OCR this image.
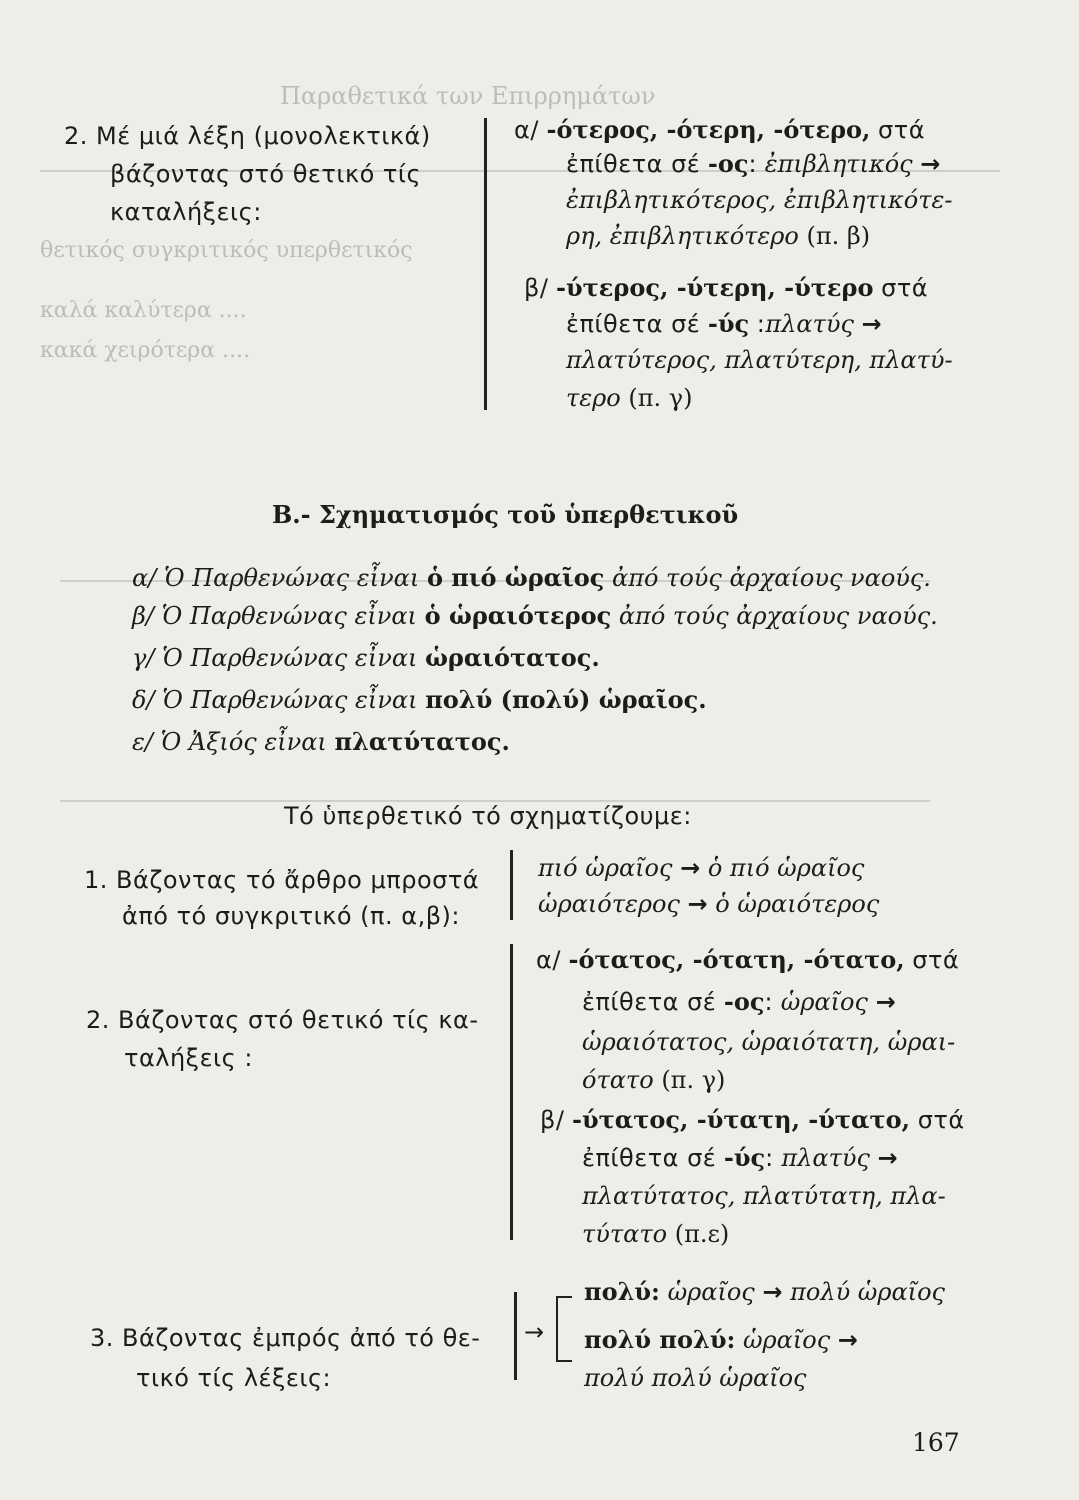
Παραθετικά των Επιρρημάτων
θετικός συγκριτικός υπερθετικός
καλά καλύτερα ....
κακά χειρότερα ....
2. Μέ μιά λέξη (μονολεκτικά)
βάζοντας στό θετικό τίς
καταλήξεις:
α/ -ότερος, -ότερη, -ότερο, στά
ἐπίθετα σέ -ος: ἐπιβλητικός →
ἐπιβλητικότερος, ἐπιβλητικότε-
ρη, ἐπιβλητικότερο (π. β)
β/ -ύτερος, -ύτερη, -ύτερο στά
ἐπίθετα σέ -ύς :πλατύς →
πλατύτερος, πλατύτερη, πλατύ-
τερο (π. γ)
Β.- Σχηματισμός τοῦ ὑπερθετικοῦ
α/ Ὁ Παρθενώνας εἶναι ὁ πιό ὡραῖος ἀπό τούς ἀρχαίους ναούς.
β/ Ὁ Παρθενώνας εἶναι ὁ ὡραιότερος ἀπό τούς ἀρχαίους ναούς.
γ/ Ὁ Παρθενώνας εἶναι ὡραιότατος.
δ/ Ὁ Παρθενώνας εἶναι πολύ (πολύ) ὡραῖος.
ε/ Ὁ Ἀξιός εἶναι πλατύτατος.
Τό ὑπερθετικό τό σχηματίζουμε:
1. Βάζοντας τό ἄρθρο μπροστά
ἀπό τό συγκριτικό (π. α,β):
πιό ὡραῖος → ὁ πιό ὡραῖος
ὡραιότερος → ὁ ὡραιότερος
2. Βάζοντας στό θετικό τίς κα-
ταλήξεις :
α/ -ότατος, -ότατη, -ότατο, στά
ἐπίθετα σέ -ος: ὡραῖος →
ὡραιότατος, ὡραιότατη, ὡραι-
ότατο (π. γ)
β/ -ύτατος, -ύτατη, -ύτατο, στά
ἐπίθετα σέ -ύς: πλατύς →
πλατύτατος, πλατύτατη, πλα-
τύτατο (π.ε)
3. Βάζοντας ἐμπρός ἀπό τό θε-
τικό τίς λέξεις:
→
πολύ: ὡραῖος → πολύ ὡραῖος
πολύ πολύ: ὡραῖος →
πολύ πολύ ὡραῖος
167
